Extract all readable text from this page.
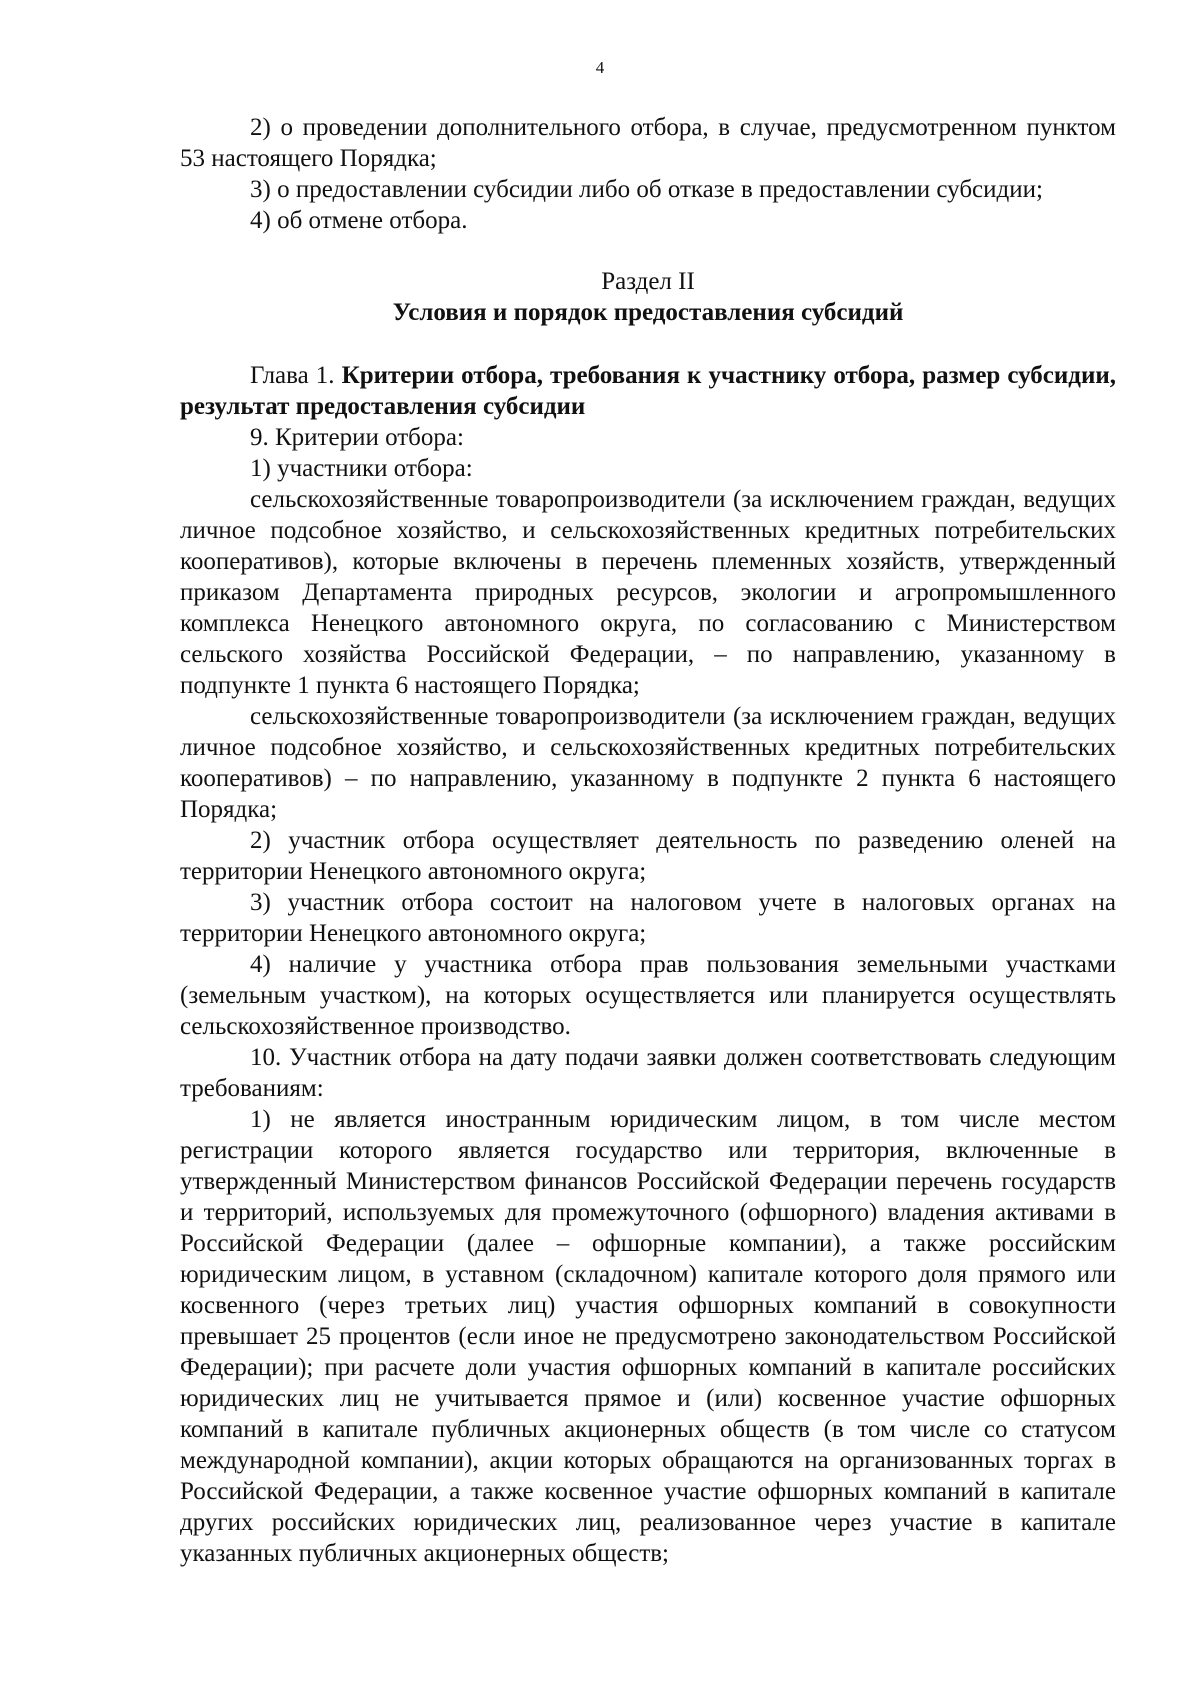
4

2) о проведении дополнительного отбора, в случае, предусмотренном пунктом 53 настоящего Порядка;

3) о предоставлении субсидии либо об отказе в предоставлении субсидии;

4) об отмене отбора.

Раздел II

Условия и порядок предоставления субсидий

Глава 1. Критерии отбора, требования к участнику отбора, размер субсидии, результат предоставления субсидии

9. Критерии отбора:

1) участники отбора:

сельскохозяйственные товаропроизводители (за исключением граждан, ведущих личное подсобное хозяйство, и сельскохозяйственных кредитных потребительских кооперативов), которые включены в перечень племенных хозяйств, утвержденный приказом Департамента природных ресурсов, экологии и агропромышленного комплекса Ненецкого автономного округа, по согласованию с Министерством сельского хозяйства Российской Федерации, – по направлению, указанному в подпункте 1 пункта 6 настоящего Порядка;

сельскохозяйственные товаропроизводители (за исключением граждан, ведущих личное подсобное хозяйство, и сельскохозяйственных кредитных потребительских кооперативов) – по направлению, указанному в подпункте 2 пункта 6 настоящего Порядка;

2) участник отбора осуществляет деятельность по разведению оленей на территории Ненецкого автономного округа;

3) участник отбора состоит на налоговом учете в налоговых органах на территории Ненецкого автономного округа;

4) наличие у участника отбора прав пользования земельными участками (земельным участком), на которых осуществляется или планируется осуществлять сельскохозяйственное производство.

10. Участник отбора на дату подачи заявки должен соответствовать следующим требованиям:

1) не является иностранным юридическим лицом, в том числе местом регистрации которого является государство или территория, включенные в утвержденный Министерством финансов Российской Федерации перечень государств и территорий, используемых для промежуточного (офшорного) владения активами в Российской Федерации (далее – офшорные компании), а также российским юридическим лицом, в уставном (складочном) капитале которого доля прямого или косвенного (через третьих лиц) участия офшорных компаний в совокупности превышает 25 процентов (если иное не предусмотрено законодательством Российской Федерации); при расчете доли участия офшорных компаний в капитале российских юридических лиц не учитывается прямое и (или) косвенное участие офшорных компаний в капитале публичных акционерных обществ (в том числе со статусом международной компании), акции которых обращаются на организованных торгах в Российской Федерации, а также косвенное участие офшорных компаний в капитале других российских юридических лиц, реализованное через участие в капитале указанных публичных акционерных обществ;
